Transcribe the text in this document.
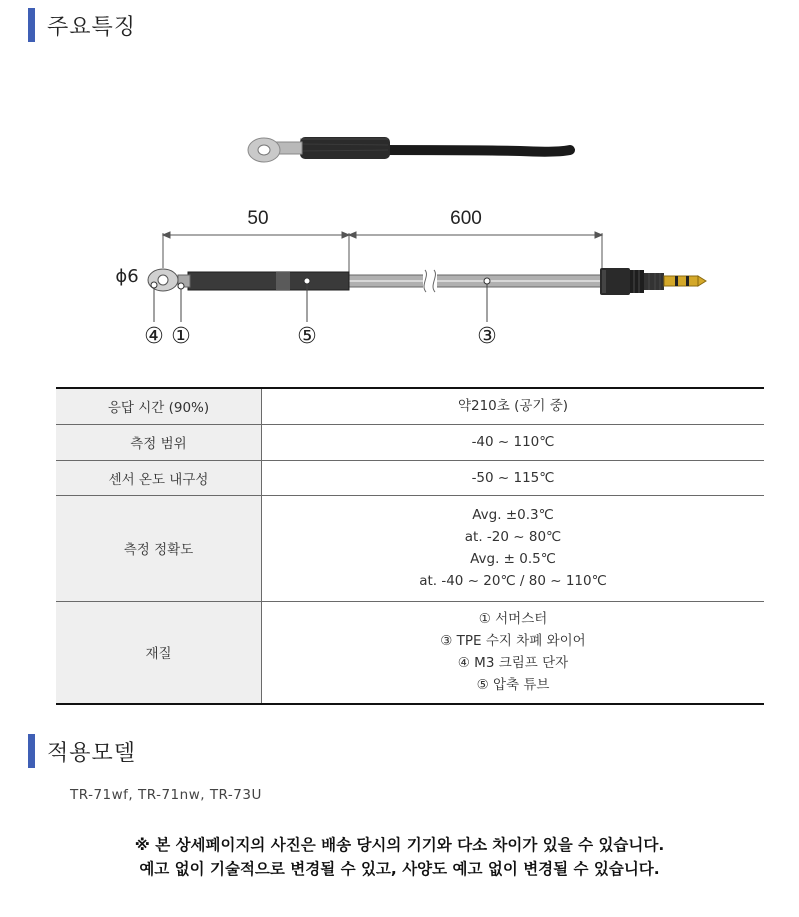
주요특징
50	600
ϕ6
④ ①	⑤	③
응답 시간 (90%)	약210초 (공기 중)

측정 범위	-40 ~ 110℃

센서 온도 내구성	-50 ~ 115℃

측정 정확도	Avg. ±0.3℃
at. -20 ~ 80℃
Avg. ± 0.5℃
at. -40 ~ 20℃ / 80 ~ 110℃

재질	① 서머스터
③ TPE 수지 차폐 와이어
④ M3 크림프 단자
⑤ 압축 튜브
적용모델
TR-71wf, TR-71nw, TR-73U
※ 본 상세페이지의 사진은 배송 당시의 기기와 다소 차이가 있을 수 있습니다.
예고 없이 기술적으로 변경될 수 있고, 사양도 예고 없이 변경될 수 있습니다.
